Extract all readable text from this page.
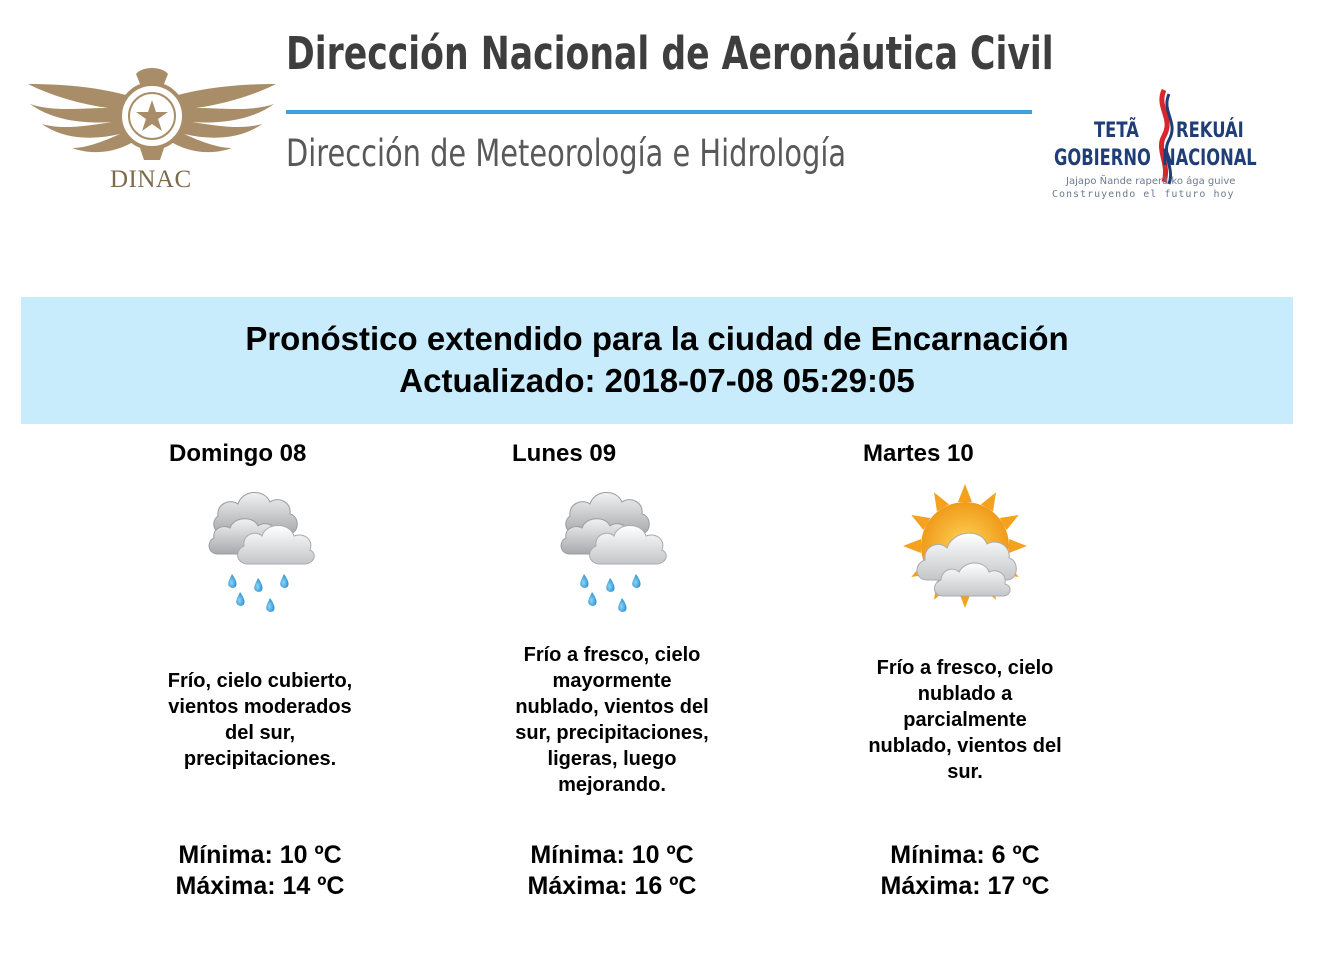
DINAC
Dirección Nacional de Aeronáutica Civil
Dirección de Meteorología e Hidrología
TETÃ REKUÁI
GOBIERNO NACIONAL
Jajapo Ñande raperã ko ága guive
Construyendo el futuro hoy
Pronóstico extendido para la ciudad de Encarnación
Actualizado: 2018-07-08 05:29:05
Domingo 08
Frío, cielo cubierto, vientos moderados del sur, precipitaciones.
Mínima: 10 ºC
Máxima: 14 ºC
Lunes 09
Frío a fresco, cielo mayormente nublado, vientos del sur, precipitaciones, ligeras, luego mejorando.
Mínima: 10 ºC
Máxima: 16 ºC
Martes 10
Frío a fresco, cielo nublado a parcialmente nublado, vientos del sur.
Mínima: 6 ºC
Máxima: 17 ºC
